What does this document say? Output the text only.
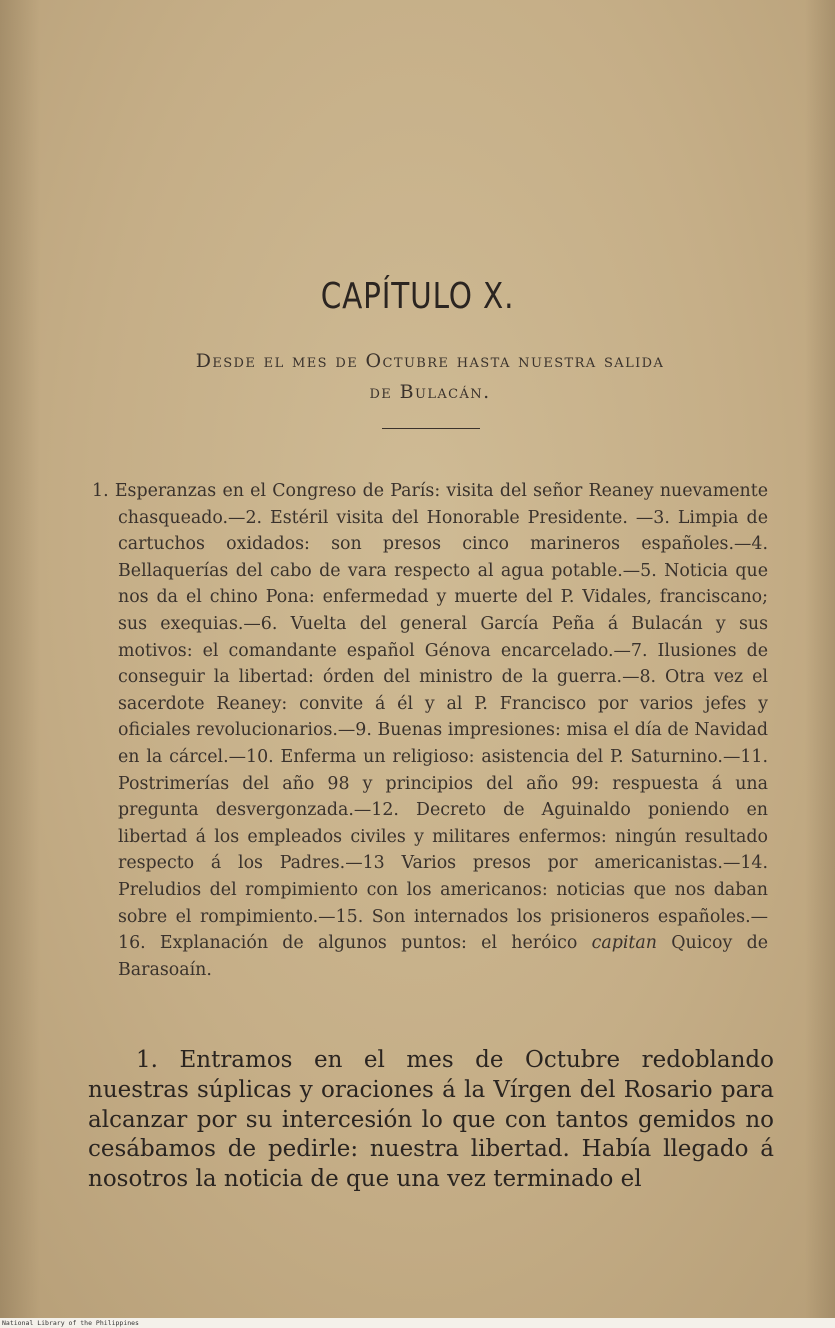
CAPÍTULO X.
Desde el mes de Octubre hasta nuestra salida
de Bulacán.
1. Esperanzas en el Congreso de París: visita del señor Reaney nuevamente chasqueado.—2. Estéril visita del Honorable Presidente. —3. Limpia de cartuchos oxidados: son presos cinco marineros españoles.—4. Bellaquerías del cabo de vara respecto al agua potable.—5. Noticia que nos da el chino Pona: enfermedad y muerte del P. Vidales, franciscano; sus exequias.—6. Vuelta del general García Peña á Bulacán y sus motivos: el comandante español Génova encarcelado.—7. Ilusiones de conseguir la libertad: órden del ministro de la guerra.—8. Otra vez el sacerdote Reaney: convite á él y al P. Francisco por varios jefes y oficiales revolucionarios.—9. Buenas impresiones: misa el día de Navidad en la cárcel.—10. Enferma un religioso: asistencia del P. Saturnino.—11. Postrimerías del año 98 y principios del año 99: respuesta á una pregunta desvergonzada.—12. Decreto de Aguinaldo poniendo en libertad á los empleados civiles y militares enfermos: ningún resultado respecto á los Padres.—13 Varios presos por americanistas.—14. Preludios del rompimiento con los americanos: noticias que nos daban sobre el rompimiento.—15. Son internados los prisioneros españoles.—16. Explanación de algunos puntos: el heróico capitan Quicoy de Barasoaín.
1. Entramos en el mes de Octubre redoblando nuestras súplicas y oraciones á la Vírgen del Rosario para alcanzar por su intercesión lo que con tantos gemidos no cesábamos de pedirle: nuestra libertad. Había llegado á nosotros la noticia de que una vez terminado el
National Library of the Philippines
